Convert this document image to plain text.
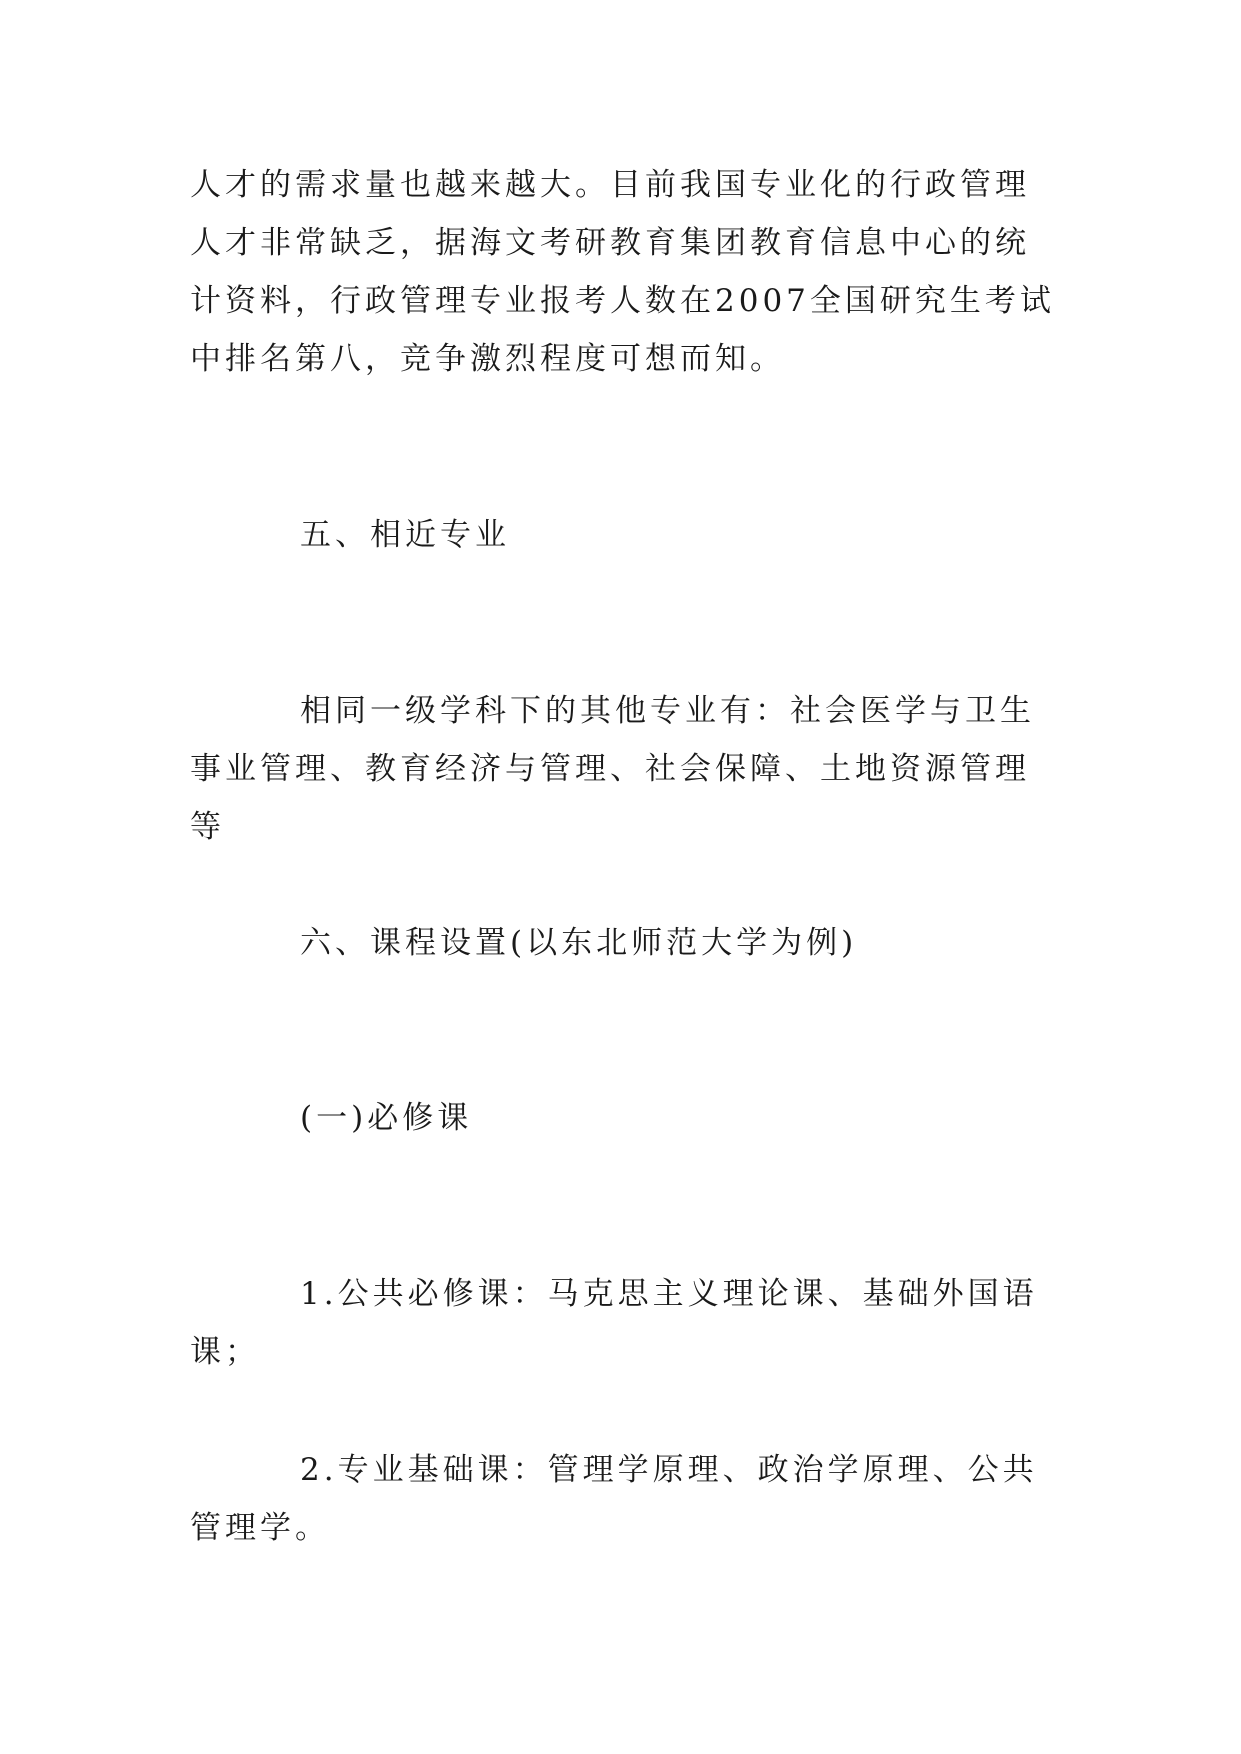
人才的需求量也越来越大。目前我国专业化的行政管理人才非常缺乏，据海文考研教育集团教育信息中心的统计资料，行政管理专业报考人数在2007全国研究生考试中排名第八，竞争激烈程度可想而知。

五、相近专业

相同一级学科下的其他专业有：社会医学与卫生事业管理、教育经济与管理、社会保障、土地资源管理等

六、课程设置(以东北师范大学为例)

(一)必修课

1.公共必修课：马克思主义理论课、基础外国语课；

2.专业基础课：管理学原理、政治学原理、公共管理学。
